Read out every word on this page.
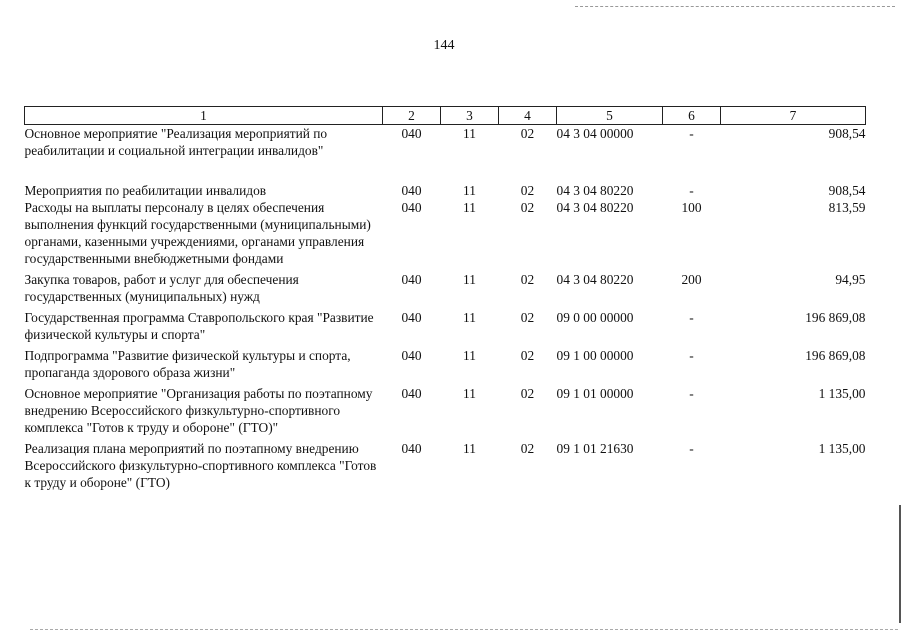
144
1	2	3	4	5	6	7
Основное мероприятие "Реализация мероприятий по реабилитации и социальной интеграции инвалидов"	040	11	02	04 3 04 00000	-	908,54
Мероприятия по реабилитации инвалидов	040	11	02	04 3 04 80220	-	908,54
Расходы на выплаты персоналу в целях обеспечения выполнения функций государственными (муниципальными) органами, казенными учреждениями, органами управления государственными внебюджетными фондами	040	11	02	04 3 04 80220	100	813,59
Закупка товаров, работ и услуг для обеспечения государственных (муниципальных) нужд	040	11	02	04 3 04 80220	200	94,95
Государственная программа Ставропольского края "Развитие физической культуры и спорта"	040	11	02	09 0 00 00000	-	196 869,08
Подпрограмма "Развитие физической культуры и спорта, пропаганда здорового образа жизни"	040	11	02	09 1 00 00000	-	196 869,08
Основное мероприятие "Организация работы по поэтапному внедрению Всероссийского физкультурно-спортивного комплекса "Готов к труду и обороне" (ГТО)"	040	11	02	09 1 01 00000	-	1 135,00
Реализация плана мероприятий по поэтапному внедрению Всероссийского физкультурно-спортивного комплекса "Готов к труду и обороне" (ГТО)	040	11	02	09 1 01 21630	-	1 135,00
